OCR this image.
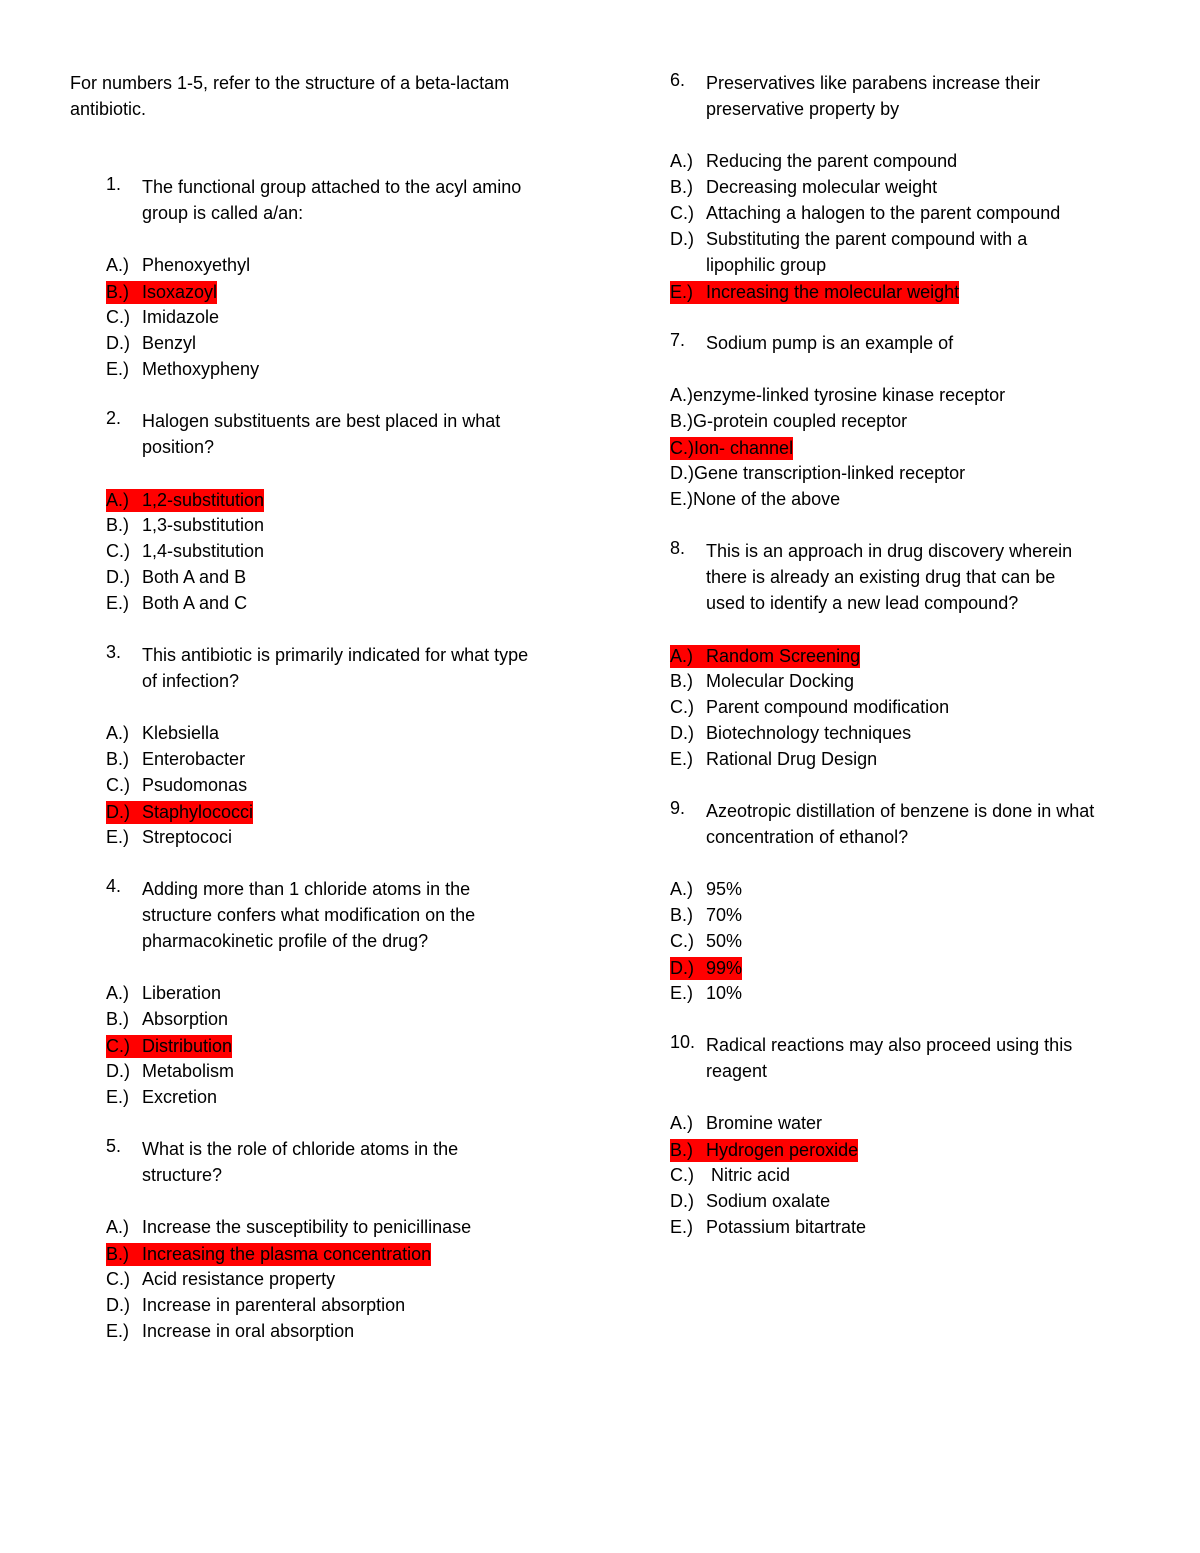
For numbers 1-5, refer to the structure of a beta-lactam
antibiotic.
1.	The functional group attached to the acyl amino
group is called a/an:
A.) Phenoxyethyl
B.) Isoxazoyl
C.) Imidazole
D.) Benzyl
E.) Methoxypheny
2.	Halogen substituents are best placed in what
position?
A.) 1,2-substitution
B.) 1,3-substitution
C.) 1,4-substitution
D.) Both A and B
E.) Both A and C
3.	This antibiotic is primarily indicated for what type
of infection?
A.) Klebsiella
B.) Enterobacter
C.) Psudomonas
D.) Staphylococci
E.) Streptococi
4.	Adding more than 1 chloride atoms in the
structure confers what modification on the
pharmacokinetic profile of the drug?
A.) Liberation
B.) Absorption
C.) Distribution
D.) Metabolism
E.) Excretion
5.	What is the role of chloride atoms in the
structure?
A.) Increase the susceptibility to penicillinase
B.) Increasing the plasma concentration
C.) Acid resistance property
D.) Increase in parenteral absorption
E.) Increase in oral absorption
6.	Preservatives like parabens increase their
preservative property by
A.) Reducing the parent compound
B.) Decreasing molecular weight
C.) Attaching a halogen to the parent compound
D.) Substituting the parent compound with a
lipophilic group
E.) Increasing the molecular weight
7.	Sodium pump is an example of
A.)enzyme-linked tyrosine kinase receptor
B.)G-protein coupled receptor
C.)Ion- channel
D.)Gene transcription-linked receptor
E.)None of the above
8.	This is an approach in drug discovery wherein
there is already an existing drug that can be
used to identify a new lead compound?
A.) Random Screening
B.) Molecular Docking
C.) Parent compound modification
D.) Biotechnology techniques
E.) Rational Drug Design
9.	Azeotropic distillation of benzene is done in what
concentration of ethanol?
A.) 95%
B.) 70%
C.) 50%
D.) 99%
E.) 10%
10. Radical reactions may also proceed using this
reagent
A.) Bromine water
B.) Hydrogen peroxide
C.) Nitric acid
D.) Sodium oxalate
E.) Potassium bitartrate
